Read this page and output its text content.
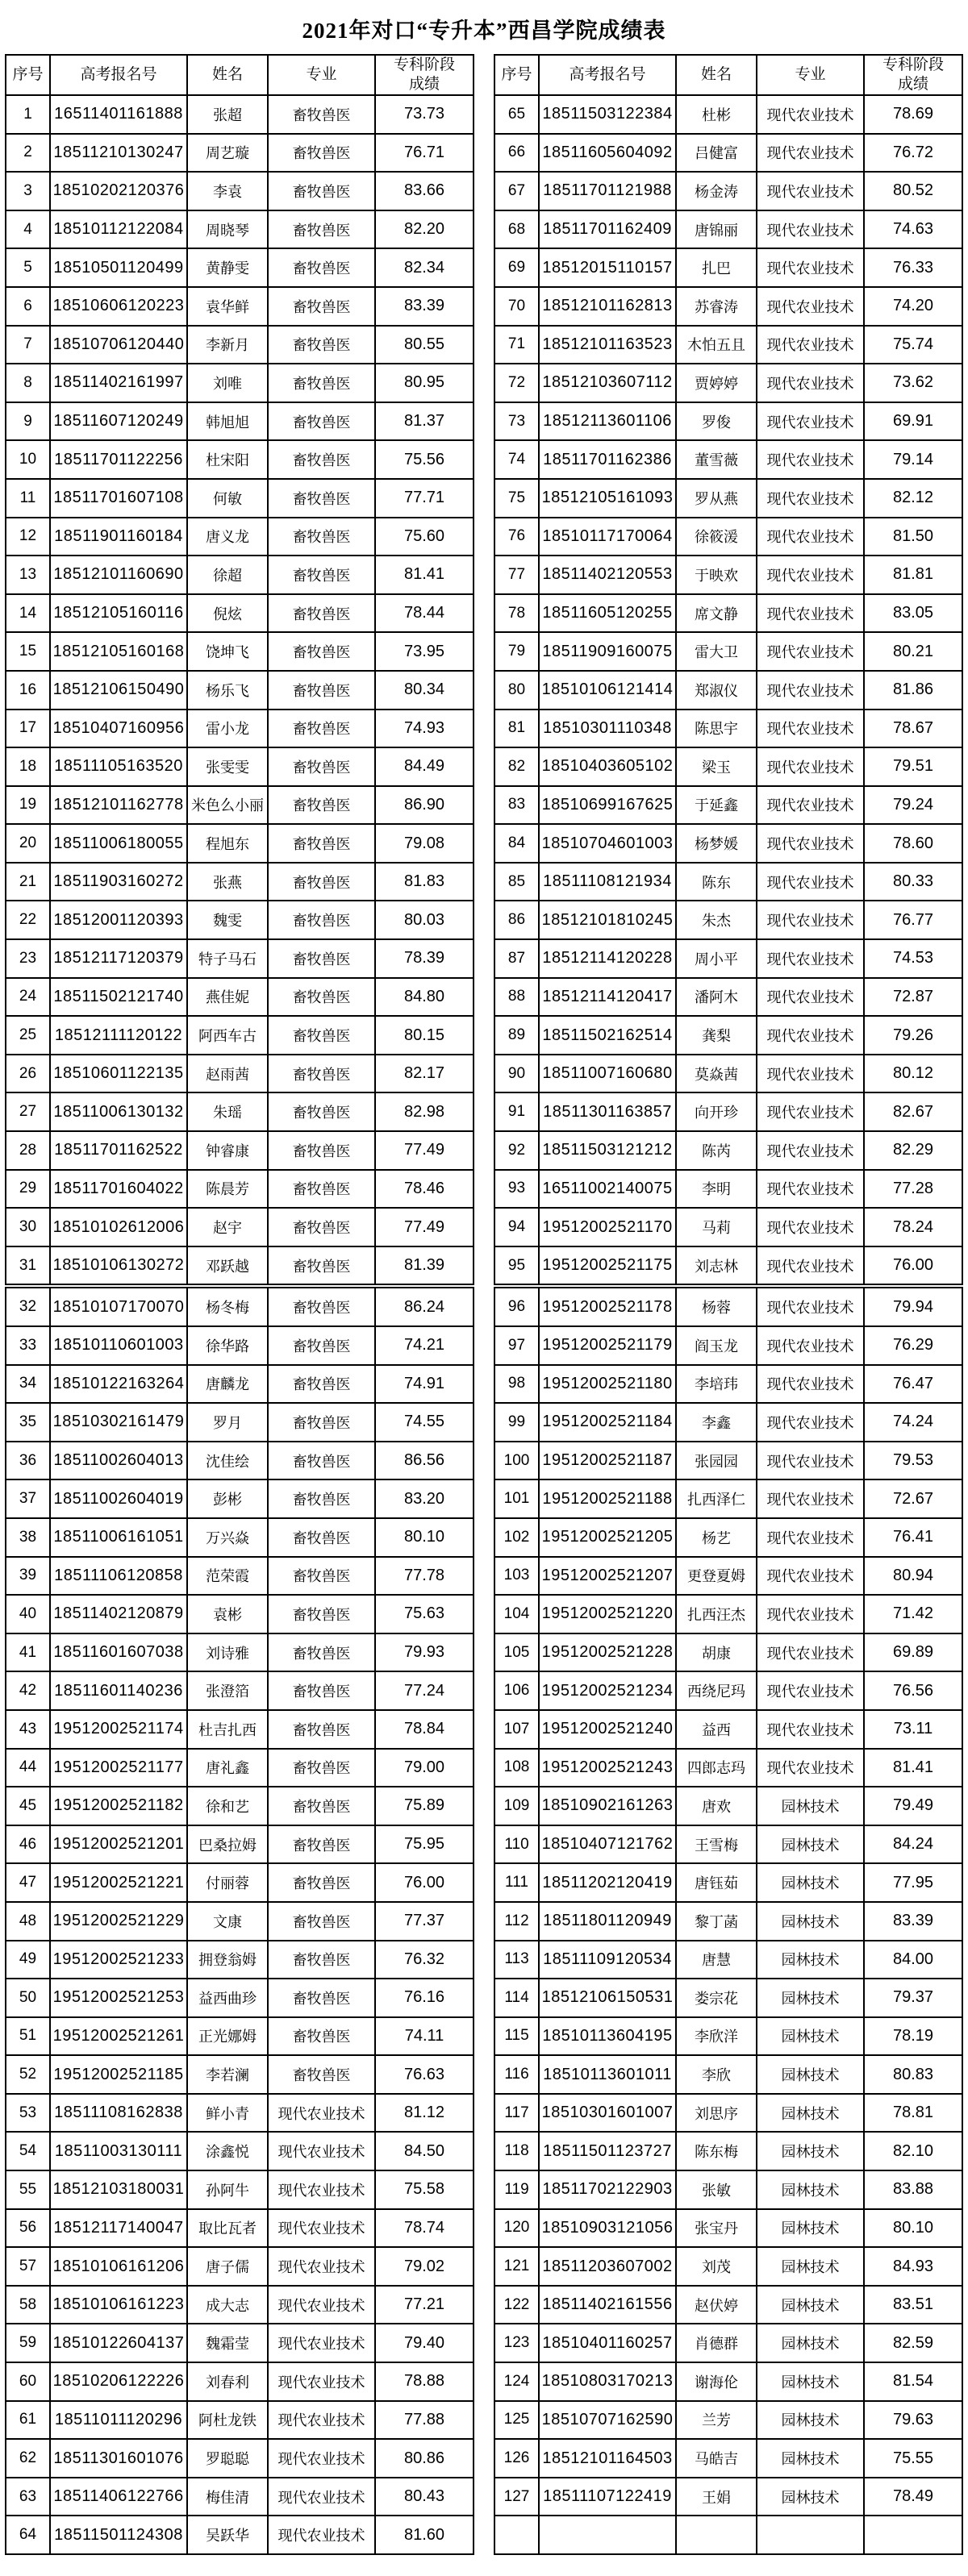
2021年对口“专升本”西昌学院成绩表
序号	高考报名号	姓名	专业	专科阶段成绩
1	16511401161888	张超	畜牧兽医	73.73
2	18511210130247	周艺璇	畜牧兽医	76.71
3	18510202120376	李袁	畜牧兽医	83.66
4	18510112122084	周晓琴	畜牧兽医	82.20
5	18510501120499	黄静雯	畜牧兽医	82.34
6	18510606120223	袁华鲜	畜牧兽医	83.39
7	18510706120440	李新月	畜牧兽医	80.55
8	18511402161997	刘唯	畜牧兽医	80.95
9	18511607120249	韩旭旭	畜牧兽医	81.37
10	18511701122256	杜宋阳	畜牧兽医	75.56
11	18511701607108	何敏	畜牧兽医	77.71
12	18511901160184	唐义龙	畜牧兽医	75.60
13	18512101160690	徐超	畜牧兽医	81.41
14	18512105160116	倪炫	畜牧兽医	78.44
15	18512105160168	饶坤飞	畜牧兽医	73.95
16	18512106150490	杨乐飞	畜牧兽医	80.34
17	18510407160956	雷小龙	畜牧兽医	74.93
18	18511105163520	张雯雯	畜牧兽医	84.49
19	18512101162778	米色么小丽	畜牧兽医	86.90
20	18511006180055	程旭东	畜牧兽医	79.08
21	18511903160272	张燕	畜牧兽医	81.83
22	18512001120393	魏雯	畜牧兽医	80.03
23	18512117120379	特子马石	畜牧兽医	78.39
24	18511502121740	燕佳妮	畜牧兽医	84.80
25	18512111120122	阿西车古	畜牧兽医	80.15
26	18510601122135	赵雨茜	畜牧兽医	82.17
27	18511006130132	朱瑶	畜牧兽医	82.98
28	18511701162522	钟睿康	畜牧兽医	77.49
29	18511701604022	陈晨芳	畜牧兽医	78.46
30	18510102612006	赵宇	畜牧兽医	77.49
31	18510106130272	邓跃越	畜牧兽医	81.39
32	18510107170070	杨冬梅	畜牧兽医	86.24
33	18510110601003	徐华路	畜牧兽医	74.21
34	18510122163264	唐麟龙	畜牧兽医	74.91
35	18510302161479	罗月	畜牧兽医	74.55
36	18511002604013	沈佳绘	畜牧兽医	86.56
37	18511002604019	彭彬	畜牧兽医	83.20
38	18511006161051	万兴焱	畜牧兽医	80.10
39	18511106120858	范荣霞	畜牧兽医	77.78
40	18511402120879	袁彬	畜牧兽医	75.63
41	18511601607038	刘诗雅	畜牧兽医	79.93
42	18511601140236	张澄箔	畜牧兽医	77.24
43	19512002521174	杜吉扎西	畜牧兽医	78.84
44	19512002521177	唐礼鑫	畜牧兽医	79.00
45	19512002521182	徐和艺	畜牧兽医	75.89
46	19512002521201	巴桑拉姆	畜牧兽医	75.95
47	19512002521221	付丽蓉	畜牧兽医	76.00
48	19512002521229	文康	畜牧兽医	77.37
49	19512002521233	拥登翁姆	畜牧兽医	76.32
50	19512002521253	益西曲珍	畜牧兽医	76.16
51	19512002521261	正光娜姆	畜牧兽医	74.11
52	19512002521185	李若澜	畜牧兽医	76.63
53	18511108162838	鲜小青	现代农业技术	81.12
54	18511003130111	涂鑫悦	现代农业技术	84.50
55	18512103180031	孙阿牛	现代农业技术	75.58
56	18512117140047	取比瓦者	现代农业技术	78.74
57	18510106161206	唐子儒	现代农业技术	79.02
58	18510106161223	成大志	现代农业技术	77.21
59	18510122604137	魏霜莹	现代农业技术	79.40
60	18510206122226	刘春利	现代农业技术	78.88
61	18511011120296	阿杜龙铁	现代农业技术	77.88
62	18511301601076	罗聪聪	现代农业技术	80.86
63	18511406122766	梅佳清	现代农业技术	80.43
64	18511501124308	吴跃华	现代农业技术	81.60
序号	高考报名号	姓名	专业	专科阶段成绩
65	18511503122384	杜彬	现代农业技术	78.69
66	18511605604092	吕健富	现代农业技术	76.72
67	18511701121988	杨金涛	现代农业技术	80.52
68	18511701162409	唐锦丽	现代农业技术	74.63
69	18512015110157	扎巴	现代农业技术	76.33
70	18512101162813	苏睿涛	现代农业技术	74.20
71	18512101163523	木怕五且	现代农业技术	75.74
72	18512103607112	贾婷婷	现代农业技术	73.62
73	18512113601106	罗俊	现代农业技术	69.91
74	18511701162386	董雪薇	现代农业技术	79.14
75	18512105161093	罗从燕	现代农业技术	82.12
76	18510117170064	徐筱湲	现代农业技术	81.50
77	18511402120553	于映欢	现代农业技术	81.81
78	18511605120255	席文静	现代农业技术	83.05
79	18511909160075	雷大卫	现代农业技术	80.21
80	18510106121414	郑淑仪	现代农业技术	81.86
81	18510301110348	陈思宇	现代农业技术	78.67
82	18510403605102	梁玉	现代农业技术	79.51
83	18510699167625	于延鑫	现代农业技术	79.24
84	18510704601003	杨梦媛	现代农业技术	78.60
85	18511108121934	陈东	现代农业技术	80.33
86	18512101810245	朱杰	现代农业技术	76.77
87	18512114120228	周小平	现代农业技术	74.53
88	18512114120417	潘阿木	现代农业技术	72.87
89	18511502162514	龚梨	现代农业技术	79.26
90	18511007160680	莫焱茜	现代农业技术	80.12
91	18511301163857	向开珍	现代农业技术	82.67
92	18511503121212	陈芮	现代农业技术	82.29
93	16511002140075	李明	现代农业技术	77.28
94	19512002521170	马莉	现代农业技术	78.24
95	19512002521175	刘志林	现代农业技术	76.00
96	19512002521178	杨蓉	现代农业技术	79.94
97	19512002521179	阎玉龙	现代农业技术	76.29
98	19512002521180	李培玮	现代农业技术	76.47
99	19512002521184	李鑫	现代农业技术	74.24
100	19512002521187	张园园	现代农业技术	79.53
101	19512002521188	扎西泽仁	现代农业技术	72.67
102	19512002521205	杨艺	现代农业技术	76.41
103	19512002521207	更登夏姆	现代农业技术	80.94
104	19512002521220	扎西汪杰	现代农业技术	71.42
105	19512002521228	胡康	现代农业技术	69.89
106	19512002521234	西绕尼玛	现代农业技术	76.56
107	19512002521240	益西	现代农业技术	73.11
108	19512002521243	四郎志玛	现代农业技术	81.41
109	18510902161263	唐欢	园林技术	79.49
110	18510407121762	王雪梅	园林技术	84.24
111	18511202120419	唐钰茹	园林技术	77.95
112	18511801120949	黎丁菡	园林技术	83.39
113	18511109120534	唐慧	园林技术	84.00
114	18512106150531	娄宗花	园林技术	79.37
115	18510113604195	李欣洋	园林技术	78.19
116	18510113601011	李欣	园林技术	80.83
117	18510301601007	刘思序	园林技术	78.81
118	18511501123727	陈东梅	园林技术	82.10
119	18511702122903	张敏	园林技术	83.88
120	18510903121056	张宝丹	园林技术	80.10
121	18511203607002	刘茂	园林技术	84.93
122	18511402161556	赵伏婷	园林技术	83.51
123	18510401160257	肖德群	园林技术	82.59
124	18510803170213	谢海伦	园林技术	81.54
125	18510707162590	兰芳	园林技术	79.63
126	18512101164503	马皓吉	园林技术	75.55
127	18511107122419	王娟	园林技术	78.49
